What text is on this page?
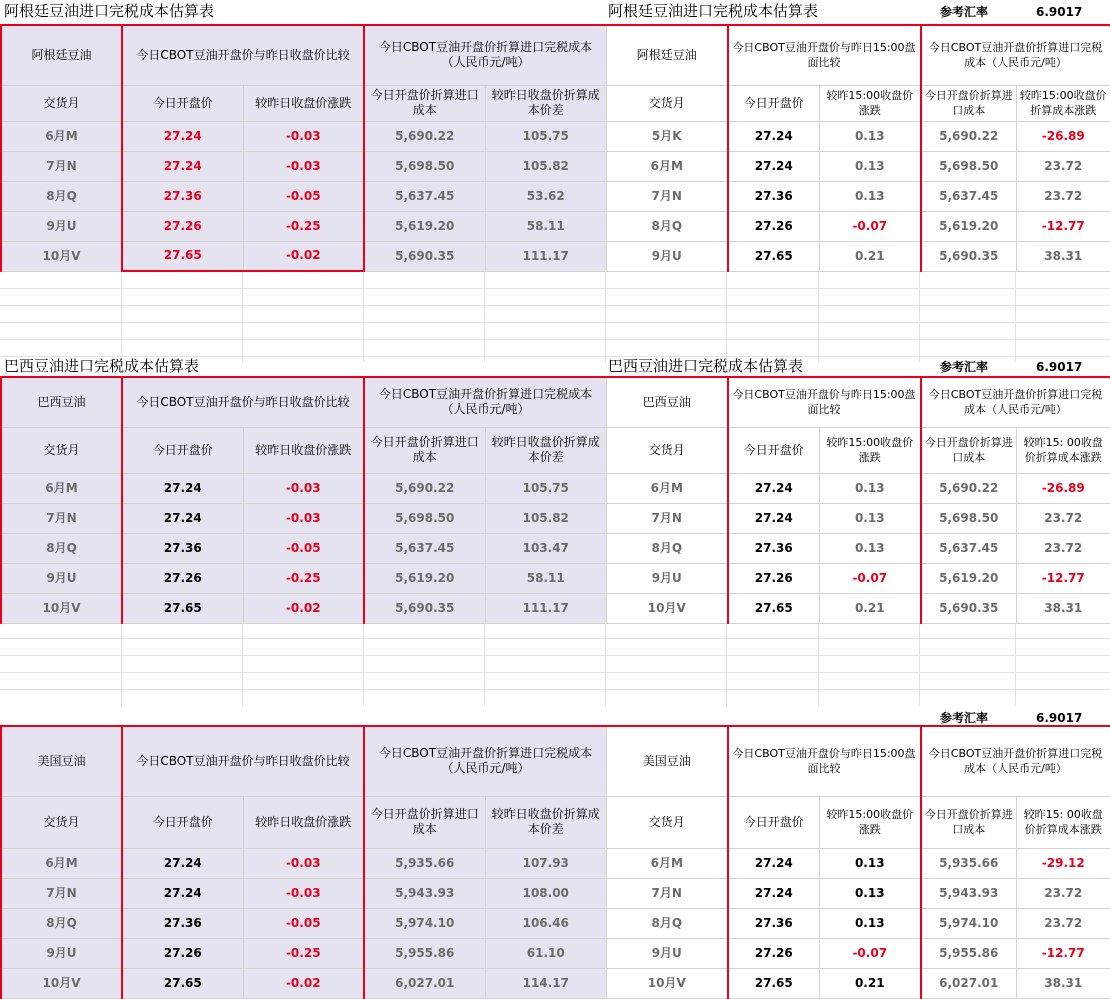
阿根廷豆油进口完税成本估算表	阿根廷豆油进口完税成本估算表	参考汇率	6.9017
阿根廷豆油	今日CBOT豆油开盘价与昨日收盘价比较		今日CBOT豆油开盘价折算进口完税成本（人民币元/吨）	
交货月	今日开盘价	较昨日收盘价涨跌	今日开盘价折算进口成本	较昨日收盘价折算成本价差
6月M	27.24	-0.03	5,690.22	105.75
7月N	27.24	-0.03	5,698.50	105.82
8月Q	27.36	-0.05	5,637.45	53.62
9月U	27.26	-0.25	5,619.20	58.11
10月V	27.65	-0.02	5,690.35	111.17
阿根廷豆油	今日CBOT豆油开盘价与昨日15:00盘面比较		今日CBOT豆油开盘价折算进口完税成本（人民币元/吨）	
交货月	今日开盘价	较昨15:00收盘价涨跌	今日开盘价折算进口成本	较昨15:00收盘价折算成本涨跌
5月K	27.24	0.13	5,690.22	-26.89
6月M	27.24	0.13	5,698.50	23.72
7月N	27.36	0.13	5,637.45	23.72
8月Q	27.26	-0.07	5,619.20	-12.77
9月U	27.65	0.21	5,690.35	38.31
巴西豆油进口完税成本估算表	巴西豆油进口完税成本估算表	参考汇率	6.9017
巴西豆油	今日CBOT豆油开盘价与昨日收盘价比较		今日CBOT豆油开盘价折算进口完税成本（人民币元/吨）	
交货月	今日开盘价	较昨日收盘价涨跌	今日开盘价折算进口成本	较昨日收盘价折算成本价差
6月M	27.24	-0.03	5,690.22	105.75
7月N	27.24	-0.03	5,698.50	105.82
8月Q	27.36	-0.05	5,637.45	103.47
9月U	27.26	-0.25	5,619.20	58.11
10月V	27.65	-0.02	5,690.35	111.17
巴西豆油	今日CBOT豆油开盘价与昨日15:00盘面比较		今日CBOT豆油开盘价折算进口完税成本（人民币元/吨）	
交货月	今日开盘价	较昨15:00收盘价涨跌	今日开盘价折算进口成本	较昨15: 00收盘价折算成本涨跌
6月M	27.24	0.13	5,690.22	-26.89
7月N	27.24	0.13	5,698.50	23.72
8月Q	27.36	0.13	5,637.45	23.72
9月U	27.26	-0.07	5,619.20	-12.77
10月V	27.65	0.21	5,690.35	38.31
参考汇率	6.9017
美国豆油	今日CBOT豆油开盘价与昨日收盘价比较		今日CBOT豆油开盘价折算进口完税成本（人民币元/吨）	
交货月	今日开盘价	较昨日收盘价涨跌	今日开盘价折算进口成本	较昨日收盘价折算成本价差
6月M	27.24	-0.03	5,935.66	107.93
7月N	27.24	-0.03	5,943.93	108.00
8月Q	27.36	-0.05	5,974.10	106.46
9月U	27.26	-0.25	5,955.86	61.10
10月V	27.65	-0.02	6,027.01	114.17
美国豆油	今日CBOT豆油开盘价与昨日15:00盘面比较		今日CBOT豆油开盘价折算进口完税成本（人民币元/吨）	
交货月	今日开盘价	较昨15:00收盘价涨跌	今日开盘价折算进口成本	较昨15: 00收盘价折算成本涨跌
6月M	27.24	0.13	5,935.66	-29.12
7月N	27.24	0.13	5,943.93	23.72
8月Q	27.36	0.13	5,974.10	23.72
9月U	27.26	-0.07	5,955.86	-12.77
10月V	27.65	0.21	6,027.01	38.31
